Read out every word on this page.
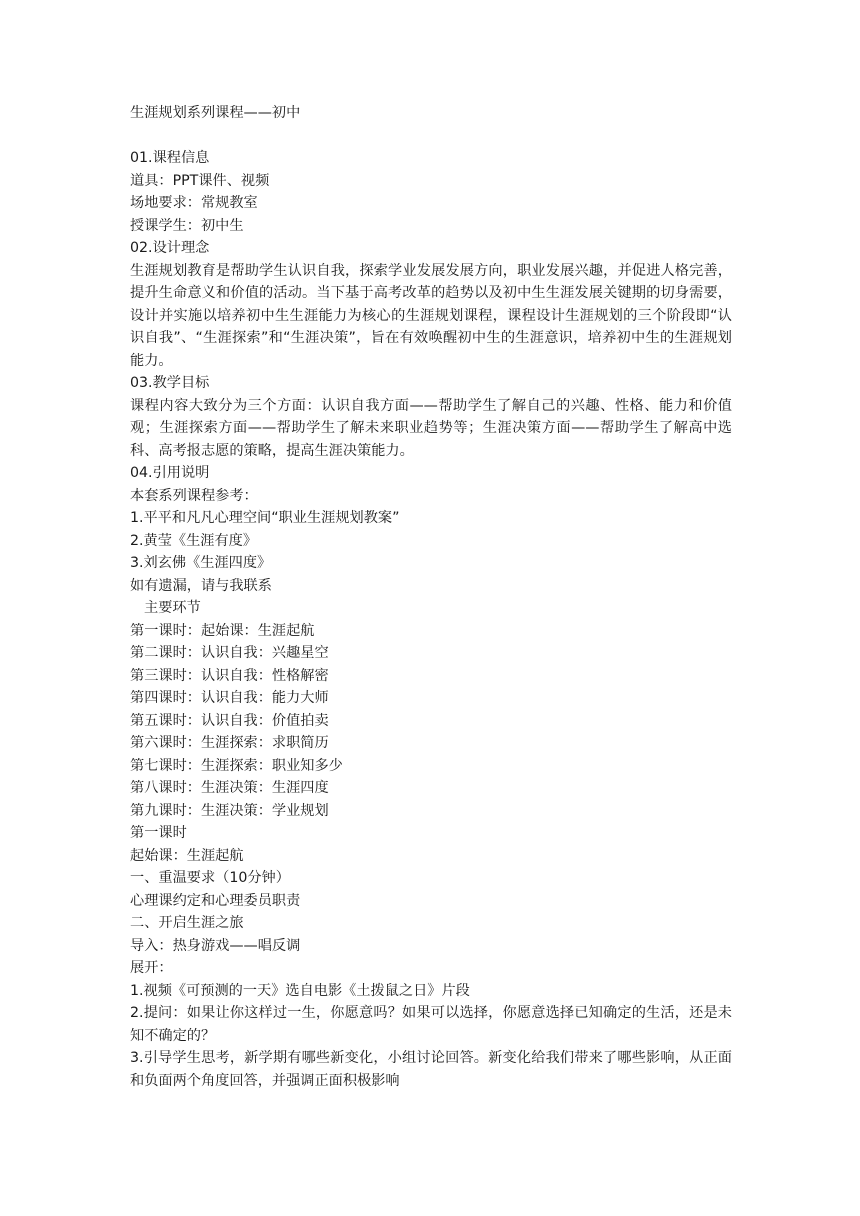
生涯规划系列课程——初中
01.课程信息
道具：PPT课件、视频
场地要求：常规教室
授课学生：初中生
02.设计理念
生涯规划教育是帮助学生认识自我，探索学业发展发展方向，职业发展兴趣，并促进人格完善，提升生命意义和价值的活动。当下基于高考改革的趋势以及初中生生涯发展关键期的切身需要，设计并实施以培养初中生生涯能力为核心的生涯规划课程，课程设计生涯规划的三个阶段即“认识自我”、“生涯探索”和“生涯决策”，旨在有效唤醒初中生的生涯意识，培养初中生的生涯规划能力。
03.教学目标
课程内容大致分为三个方面：认识自我方面——帮助学生了解自己的兴趣、性格、能力和价值观；生涯探索方面——帮助学生了解未来职业趋势等；生涯决策方面——帮助学生了解高中选科、高考报志愿的策略，提高生涯决策能力。
04.引用说明
本套系列课程参考：
1.平平和凡凡心理空间“职业生涯规划教案”
2.黄莹《生涯有度》
3.刘玄佛《生涯四度》
如有遗漏，请与我联系
主要环节
第一课时：起始课：生涯起航
第二课时：认识自我：兴趣星空
第三课时：认识自我：性格解密
第四课时：认识自我：能力大师
第五课时：认识自我：价值拍卖
第六课时：生涯探索：求职简历
第七课时：生涯探索：职业知多少
第八课时：生涯决策：生涯四度
第九课时：生涯决策：学业规划
第一课时
起始课：生涯起航
一、重温要求（10分钟）
心理课约定和心理委员职责
二、开启生涯之旅
导入：热身游戏——唱反调
展开：
1.视频《可预测的一天》选自电影《土拨鼠之日》片段
2.提问：如果让你这样过一生，你愿意吗？如果可以选择，你愿意选择已知确定的生活，还是未知不确定的？
3.引导学生思考，新学期有哪些新变化，小组讨论回答。新变化给我们带来了哪些影响，从正面和负面两个角度回答，并强调正面积极影响
